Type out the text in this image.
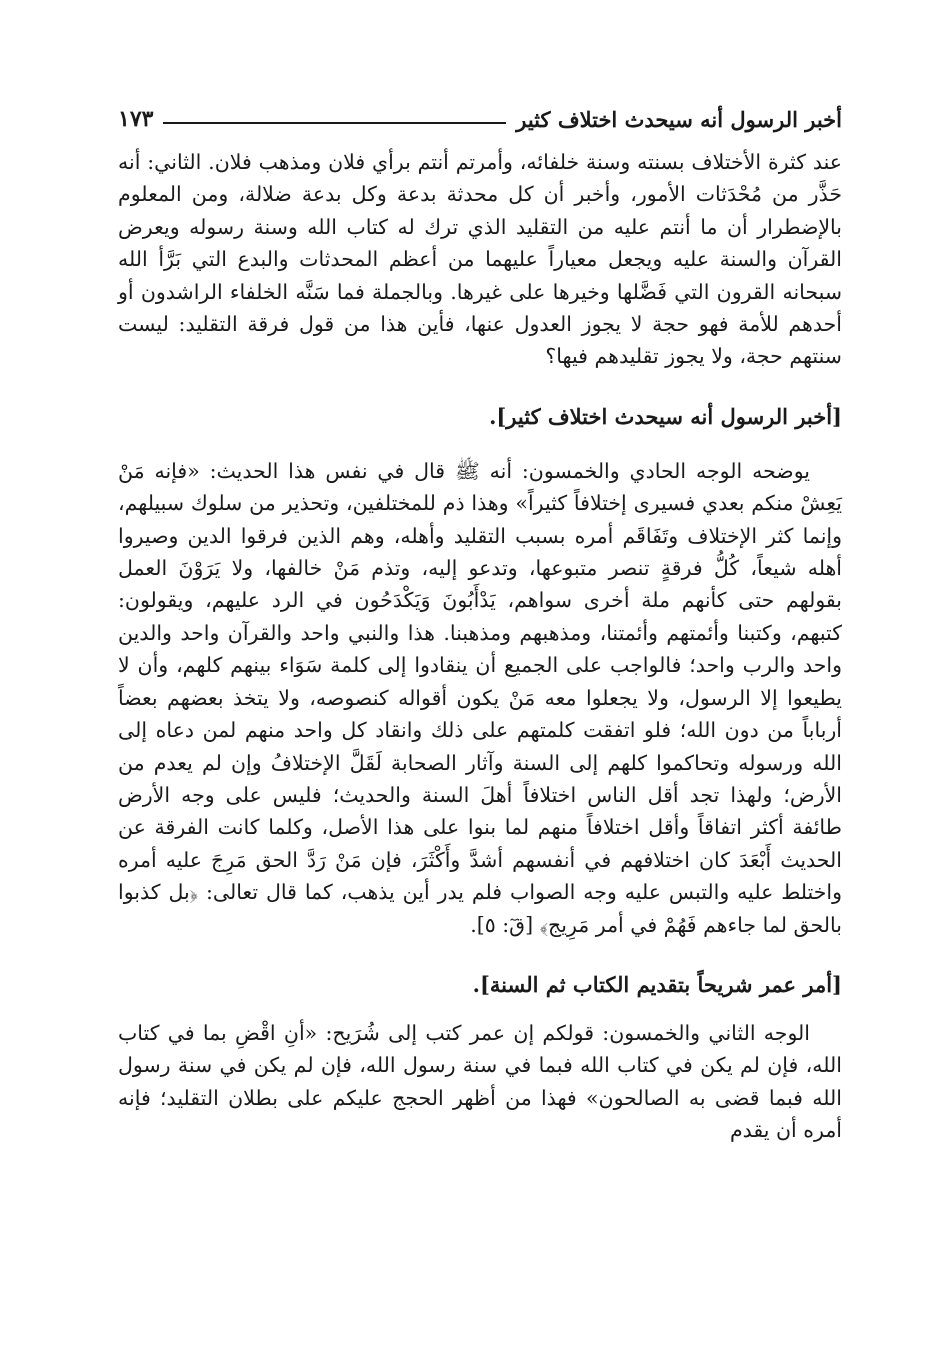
أخبر الرسول أنه سيحدث اختلاف كثير
١٧٣

عند كثرة الأختلاف بسنته وسنة خلفائه، وأمرتم أنتم برأي فلان ومذهب فلان. الثاني: أنه حَذَّر من مُحْدَثات الأمور، وأخبر أن كل محدثة بدعة وكل بدعة ضلالة، ومن المعلوم بالإضطرار أن ما أنتم عليه من التقليد الذي ترك له كتاب الله وسنة رسوله ويعرض القرآن والسنة عليه ويجعل معياراً عليهما من أعظم المحدثات والبدع التي بَرَّأ الله سبحانه القرون التي فَضَّلها وخيرها على غيرها. وبالجملة فما سَنَّه الخلفاء الراشدون أو أحدهم للأمة فهو حجة لا يجوز العدول عنها، فأين هذا من قول فرقة التقليد: ليست سنتهم حجة، ولا يجوز تقليدهم فيها؟

[أخبر الرسول أنه سيحدث اختلاف كثير].

يوضحه الوجه الحادي والخمسون: أنه ﷺ قال في نفس هذا الحديث: «فإنه مَنْ يَعِشْ منكم بعدي فسيرى إختلافاً كثيراً» وهذا ذم للمختلفين، وتحذير من سلوك سبيلهم، وإنما كثر الإختلاف وتَفَاقَم أمره بسبب التقليد وأهله، وهم الذين فرقوا الدين وصيروا أهله شيعاً، كُلُّ فرقةٍ تنصر متبوعها، وتدعو إليه، وتذم مَنْ خالفها، ولا يَرَوْنَ العمل بقولهم حتى كأنهم ملة أخرى سواهم، يَدْأَبُونَ وَيَكْدَحُون في الرد عليهم، ويقولون: كتبهم، وكتبنا وأئمتهم وأئمتنا، ومذهبهم ومذهبنا. هذا والنبي واحد والقرآن واحد والدين واحد والرب واحد؛ فالواجب على الجميع أن ينقادوا إلى كلمة سَوَاء بينهم كلهم، وأن لا يطيعوا إلا الرسول، ولا يجعلوا معه مَنْ يكون أقواله كنصوصه، ولا يتخذ بعضهم بعضاً أرباباً من دون الله؛ فلو اتفقت كلمتهم على ذلك وانقاد كل واحد منهم لمن دعاه إلى الله ورسوله وتحاكموا كلهم إلى السنة وآثار الصحابة لَقَلَّ الإختلافُ وإن لم يعدم من الأرض؛ ولهذا تجد أقل الناس اختلافاً أهلَ السنة والحديث؛ فليس على وجه الأرض طائفة أكثر اتفاقاً وأقل اختلافاً منهم لما بنوا على هذا الأصل، وكلما كانت الفرقة عن الحديث أَبْعَدَ كان اختلافهم في أنفسهم أشدَّ وأَكْثَرَ، فإن مَنْ رَدَّ الحق مَرِجَ عليه أمره واختلط عليه والتبس عليه وجه الصواب فلم يدر أين يذهب، كما قال تعالى: ﴿بل كذبوا بالحق لما جاءهم فَهُمْ في أمر مَرِيج﴾ [قٓ: ٥].

[أمر عمر شريحاً بتقديم الكتاب ثم السنة].

الوجه الثاني والخمسون: قولكم إن عمر كتب إلى شُرَيح: «أنِ اقْضِ بما في كتاب الله، فإن لم يكن في كتاب الله فبما في سنة رسول الله، فإن لم يكن في سنة رسول الله فبما قضى به الصالحون» فهذا من أظهر الحجج عليكم على بطلان التقليد؛ فإنه أمره أن يقدم
